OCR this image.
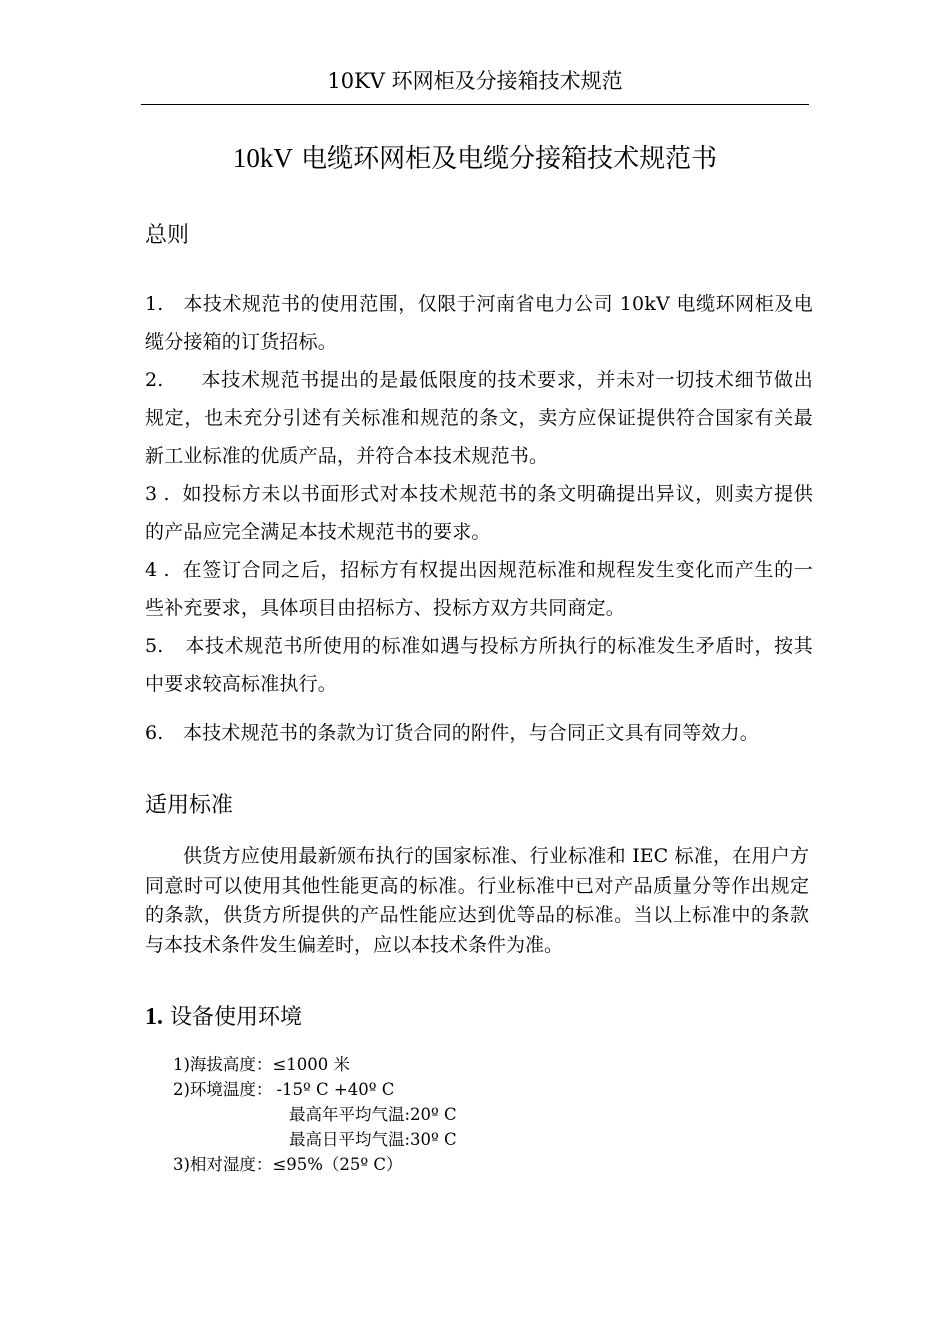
10KV 环网柜及分接箱技术规范
10kV 电缆环网柜及电缆分接箱技术规范书
总则

1. 本技术规范书的使用范围，仅限于河南省电力公司 10kV 电缆环网柜及电缆分接箱的订货招标。

2. 本技术规范书提出的是最低限度的技术要求，并未对一切技术细节做出规定，也未充分引述有关标准和规范的条文，卖方应保证提供符合国家有关最新工业标准的优质产品，并符合本技术规范书。

3 . 如投标方未以书面形式对本技术规范书的条文明确提出异议，则卖方提供的产品应完全满足本技术规范书的要求。

4 . 在签订合同之后，招标方有权提出因规范标准和规程发生变化而产生的一些补充要求，具体项目由招标方、投标方双方共同商定。

5. 本技术规范书所使用的标准如遇与投标方所执行的标准发生矛盾时，按其中要求较高标准执行。

6. 本技术规范书的条款为订货合同的附件，与合同正文具有同等效力。

适用标准

供货方应使用最新颁布执行的国家标准、行业标准和 IEC 标准，在用户方同意时可以使用其他性能更高的标准。行业标准中已对产品质量分等作出规定的条款，供货方所提供的产品性能应达到优等品的标准。当以上标准中的条款与本技术条件发生偏差时，应以本技术条件为准。

1. 设备使用环境
1)海拔高度：≤1000 米
2)环境温度： -15º C +40º C
最高年平均气温:20º C
最高日平均气温:30º C
3)相对湿度：≤95%（25º C）
